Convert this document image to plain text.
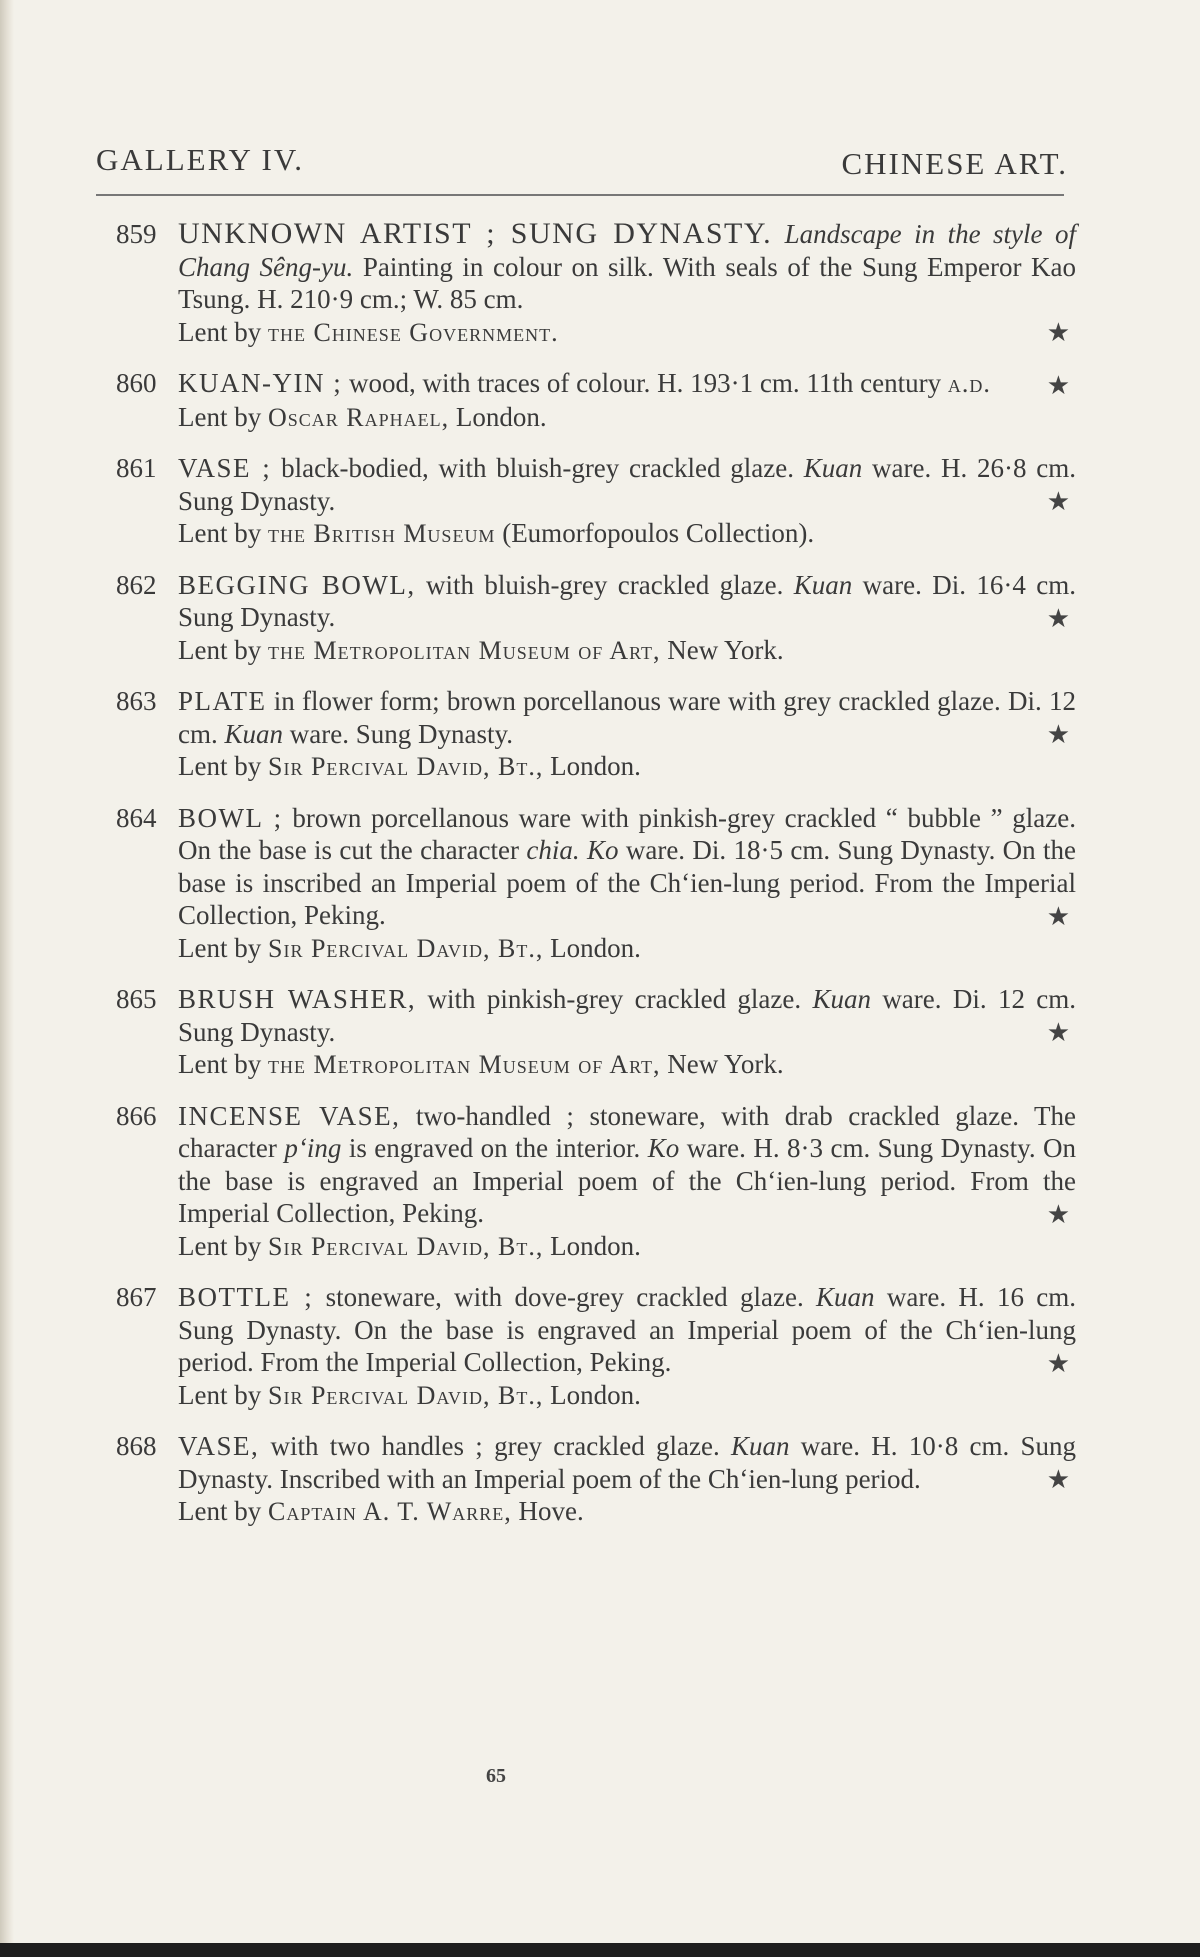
GALLERY IV.	CHINESE ART.
859 UNKNOWN ARTIST ; SUNG DYNASTY. Landscape in the style of Chang Sêng-yu. Painting in colour on silk. With seals of the Sung Emperor Kao Tsung. H. 210·9 cm.; W. 85 cm.
Lent by the Chinese Government.	★
860 KUAN-YIN ; wood, with traces of colour. H. 193·1 cm. 11th century a.d. ★
Lent by Oscar Raphael, London.
861 VASE ; black-bodied, with bluish-grey crackled glaze. Kuan ware. H. 26·8 cm. Sung Dynasty.	★
Lent by the British Museum (Eumorfopoulos Collection).
862 BEGGING BOWL, with bluish-grey crackled glaze. Kuan ware. Di. 16·4 cm. Sung Dynasty.	★
Lent by the Metropolitan Museum of Art, New York.
863 PLATE in flower form; brown porcellanous ware with grey crackled glaze. Di. 12 cm. Kuan ware. Sung Dynasty.	★
Lent by Sir Percival David, Bt., London.
864 BOWL ; brown porcellanous ware with pinkish-grey crackled “ bubble ” glaze. On the base is cut the character chia. Ko ware. Di. 18·5 cm. Sung Dynasty. On the base is inscribed an Imperial poem of the Ch‘ien-lung period. From the Imperial Collection, Peking.	★
Lent by Sir Percival David, Bt., London.
865 BRUSH WASHER, with pinkish-grey crackled glaze. Kuan ware. Di. 12 cm. Sung Dynasty.	★
Lent by the Metropolitan Museum of Art, New York.
866 INCENSE VASE, two-handled ; stoneware, with drab crackled glaze. The character p‘ing is engraved on the interior. Ko ware. H. 8·3 cm. Sung Dynasty. On the base is engraved an Imperial poem of the Ch‘ien-lung period. From the Imperial Collection, Peking.	★
Lent by Sir Percival David, Bt., London.
867 BOTTLE ; stoneware, with dove-grey crackled glaze. Kuan ware. H. 16 cm. Sung Dynasty. On the base is engraved an Imperial poem of the Ch‘ien-lung period. From the Imperial Collection, Peking.	★
Lent by Sir Percival David, Bt., London.
868 VASE, with two handles ; grey crackled glaze. Kuan ware. H. 10·8 cm. Sung Dynasty. Inscribed with an Imperial poem of the Ch‘ien-lung period.	★
Lent by Captain A. T. Warre, Hove.
65
